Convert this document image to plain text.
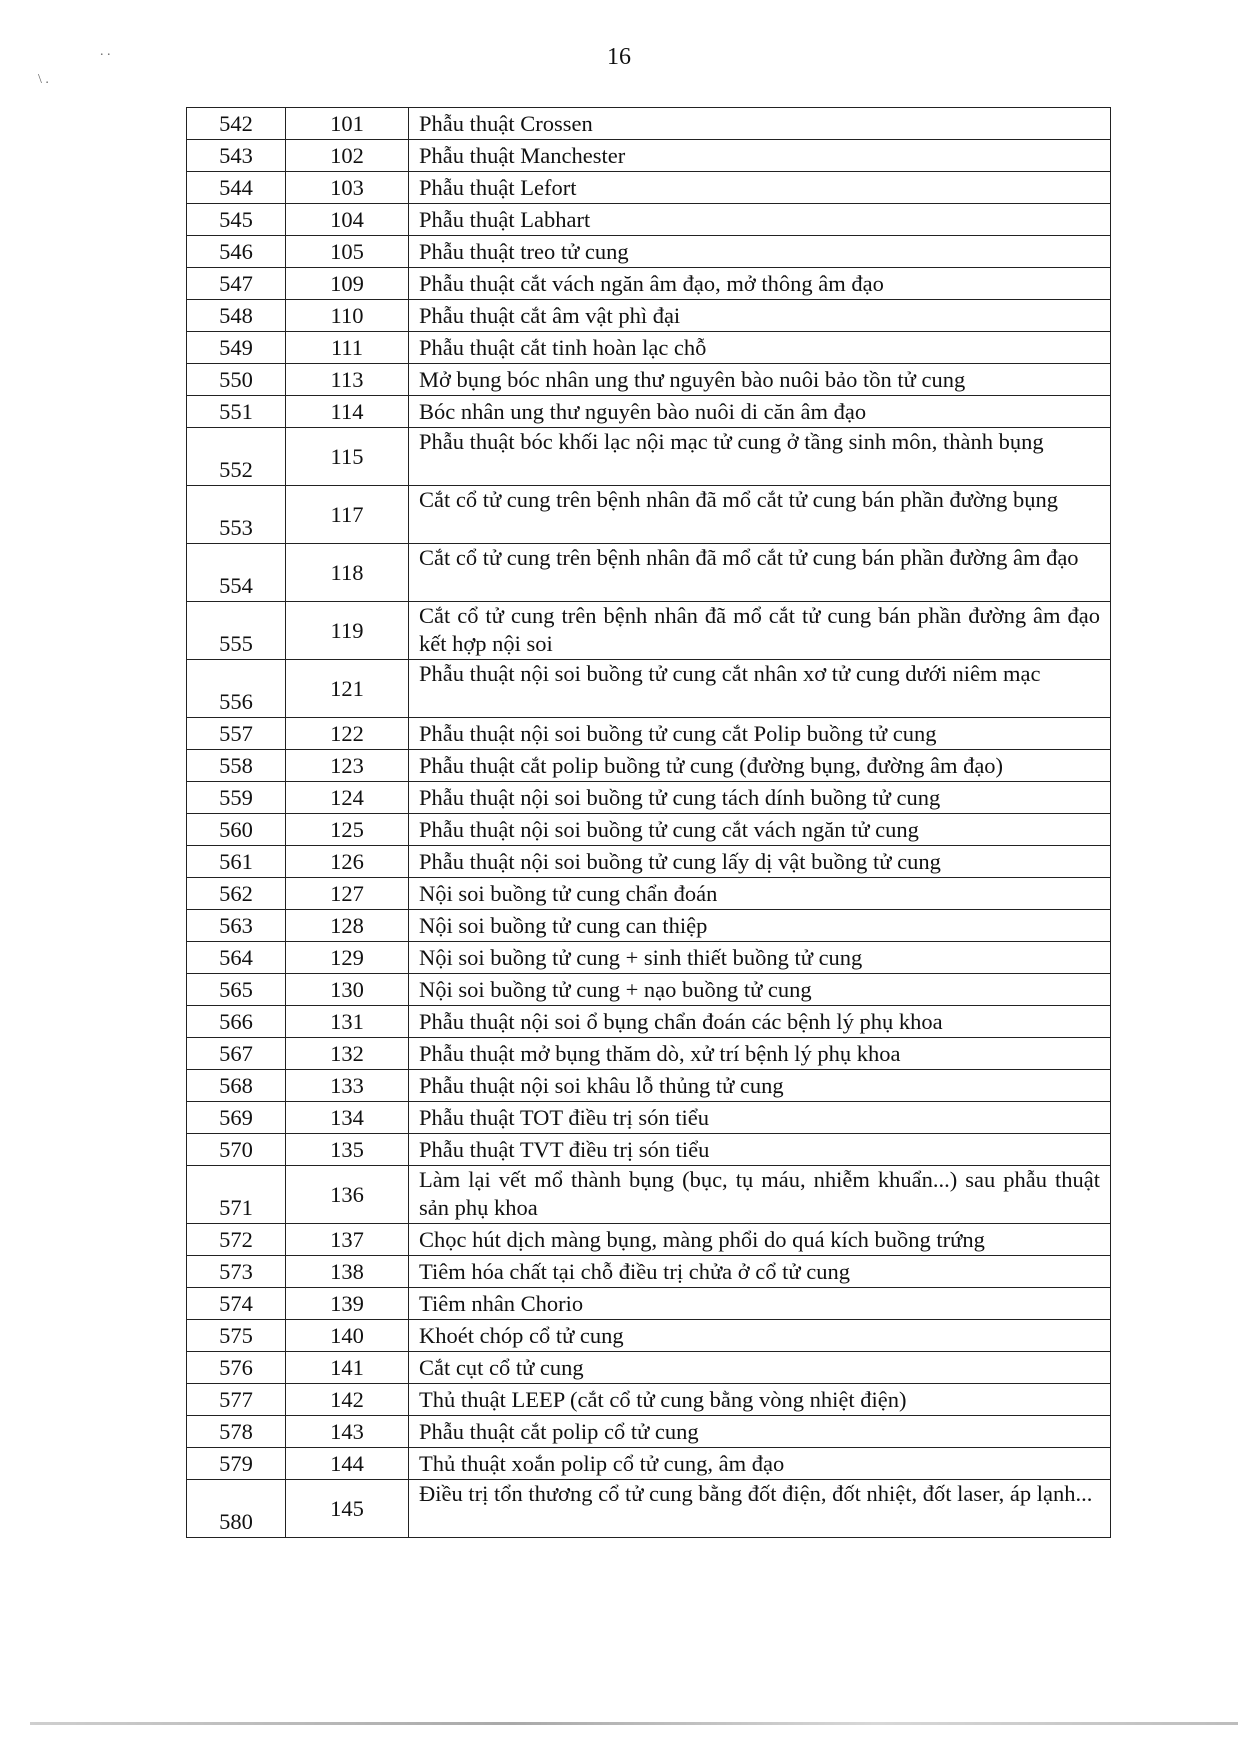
16
. .
\ .
542	101	Phẫu thuật Crossen
543	102	Phẫu thuật Manchester
544	103	Phẫu thuật Lefort
545	104	Phẫu thuật Labhart
546	105	Phẫu thuật treo tử cung
547	109	Phẫu thuật cắt vách ngăn âm đạo, mở thông âm đạo
548	110	Phẫu thuật cắt âm vật phì đại
549	111	Phẫu thuật cắt tinh hoàn lạc chỗ
550	113	Mở bụng bóc nhân ung thư nguyên bào nuôi bảo tồn tử cung
551	114	Bóc nhân ung thư nguyên bào nuôi di căn âm đạo
552	115	Phẫu thuật bóc khối lạc nội mạc tử cung ở tầng sinh môn, thành bụng
553	117	Cắt cổ tử cung trên bệnh nhân đã mổ cắt tử cung bán phần đường bụng
554	118	Cắt cổ tử cung trên bệnh nhân đã mổ cắt tử cung bán phần đường âm đạo
555	119	Cắt cổ tử cung trên bệnh nhân đã mổ cắt tử cung bán phần đường âm đạo kết hợp nội soi
556	121	Phẫu thuật nội soi buồng tử cung cắt nhân xơ tử cung dưới niêm mạc
557	122	Phẫu thuật nội soi buồng tử cung cắt Polip buồng tử cung
558	123	Phẫu thuật cắt polip buồng tử cung (đường bụng, đường âm đạo)
559	124	Phẫu thuật nội soi buồng tử cung tách dính buồng tử cung
560	125	Phẫu thuật nội soi buồng tử cung cắt vách ngăn tử cung
561	126	Phẫu thuật nội soi buồng tử cung lấy dị vật buồng tử cung
562	127	Nội soi buồng tử cung chẩn đoán
563	128	Nội soi buồng tử cung can thiệp
564	129	Nội soi buồng tử cung + sinh thiết buồng tử cung
565	130	Nội soi buồng tử cung + nạo buồng tử cung
566	131	Phẫu thuật nội soi ổ bụng chẩn đoán các bệnh lý phụ khoa
567	132	Phẫu thuật mở bụng thăm dò, xử trí bệnh lý phụ khoa
568	133	Phẫu thuật nội soi khâu lỗ thủng tử cung
569	134	Phẫu thuật TOT điều trị són tiểu
570	135	Phẫu thuật TVT điều trị són tiểu
571	136	Làm lại vết mổ thành bụng (bục, tụ máu, nhiễm khuẩn...) sau phẫu thuật sản phụ khoa
572	137	Chọc hút dịch màng bụng, màng phổi do quá kích buồng trứng
573	138	Tiêm hóa chất tại chỗ điều trị chửa ở cổ tử cung
574	139	Tiêm nhân Chorio
575	140	Khoét chóp cổ tử cung
576	141	Cắt cụt cổ tử cung
577	142	Thủ thuật LEEP (cắt cổ tử cung bằng vòng nhiệt điện)
578	143	Phẫu thuật cắt polip cổ tử cung
579	144	Thủ thuật xoắn polip cổ tử cung, âm đạo
580	145	Điều trị tổn thương cổ tử cung bằng đốt điện, đốt nhiệt, đốt laser, áp lạnh...
